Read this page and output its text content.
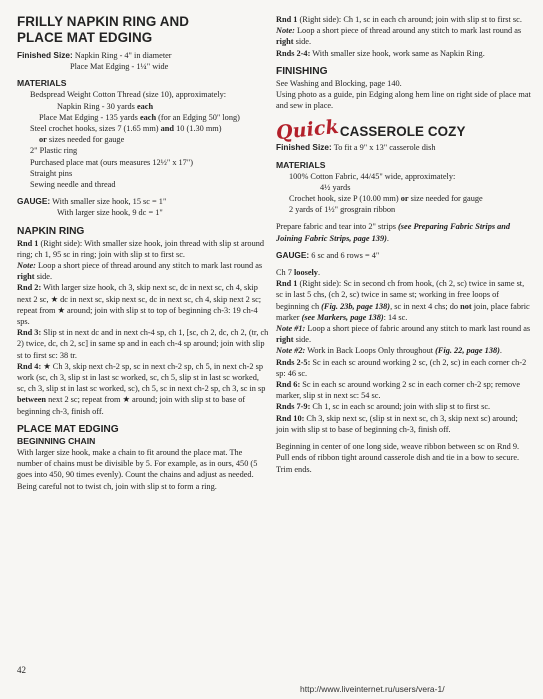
FRILLY NAPKIN RING AND

PLACE MAT EDGING

Finished Size: Napkin Ring - 4" in diameter

Place Mat Edging - 1¼" wide

MATERIALS

Bedspread Weight Cotton Thread (size 10), approximately:

Napkin Ring - 30 yards each

Place Mat Edging - 135 yards each (for an Edging 50" long)

Steel crochet hooks, sizes 7 (1.65 mm) and 10 (1.30 mm)

or sizes needed for gauge

2" Plastic ring

Purchased place mat (ours measures 12½" x 17")

Straight pins

Sewing needle and thread

GAUGE: With smaller size hook, 15 sc = 1"

With larger size hook, 9 dc = 1"

NAPKIN RING

Rnd 1 (Right side): With smaller size hook, join thread with slip st around ring; ch 1, 95 sc in ring; join with slip st to first sc.

Note: Loop a short piece of thread around any stitch to mark last round as right side.

Rnd 2: With larger size hook, ch 3, skip next sc, dc in next sc, ch 4, skip next 2 sc, ★ dc in next sc, skip next sc, dc in next sc, ch 4, skip next 2 sc; repeat from ★ around; join with slip st to top of beginning ch-3: 19 ch-4 sps.

Rnd 3: Slip st in next dc and in next ch-4 sp, ch 1, [sc, ch 2, dc, ch 2, (tr, ch 2) twice, dc, ch 2, sc] in same sp and in each ch-4 sp around; join with slip st to first sc: 38 tr.

Rnd 4: ★ Ch 3, skip next ch-2 sp, sc in next ch-2 sp, ch 5, in next ch-2 sp work (sc, ch 3, slip st in last sc worked, sc, ch 5, slip st in last sc worked, sc, ch 3, slip st in last sc worked, sc), ch 5, sc in next ch-2 sp, ch 3, sc in sp between next 2 sc; repeat from ★ around; join with slip st to base of beginning ch-3, finish off.

PLACE MAT EDGING

BEGINNING CHAIN

With larger size hook, make a chain to fit around the place mat. The number of chains must be divisible by 5. For example, as in ours, 450 (5 goes into 450, 90 times evenly). Count the chains and adjust as needed. Being careful not to twist ch, join with slip st to form a ring.

Rnd 1 (Right side): Ch 1, sc in each ch around; join with slip st to first sc.

Note: Loop a short piece of thread around any stitch to mark last round as right side.

Rnds 2-4: With smaller size hook, work same as Napkin Ring.

FINISHING

See Washing and Blocking, page 140.

Using photo as a guide, pin Edging along hem line on right side of place mat and sew in place.

QuickCASSEROLE COZY

Finished Size: To fit a 9" x 13" casserole dish

MATERIALS

100% Cotton Fabric, 44/45" wide, approximately:

4½ yards

Crochet hook, size P (10.00 mm) or size needed for gauge

2 yards of 1½" grosgrain ribbon

Prepare fabric and tear into 2" strips (see Preparing Fabric Strips and Joining Fabric Strips, page 139).

GAUGE: 6 sc and 6 rows = 4"

Ch 7 loosely.

Rnd 1 (Right side): Sc in second ch from hook, (ch 2, sc) twice in same st, sc in last 5 chs, (ch 2, sc) twice in same st; working in free loops of beginning ch (Fig. 23b, page 138), sc in next 4 chs; do not join, place fabric marker (see Markers, page 138): 14 sc.

Note #1: Loop a short piece of fabric around any stitch to mark last round as right side.

Note #2: Work in Back Loops Only throughout (Fig. 22, page 138).

Rnds 2-5: Sc in each sc around working 2 sc, (ch 2, sc) in each corner ch-2 sp: 46 sc.

Rnd 6: Sc in each sc around working 2 sc in each corner ch-2 sp; remove marker, slip st in next sc: 54 sc.

Rnds 7-9: Ch 1, sc in each sc around; join with slip st to first sc.

Rnd 10: Ch 3, skip next sc, (slip st in next sc, ch 3, skip next sc) around; join with slip st to base of beginning ch-3, finish off.

Beginning in center of one long side, weave ribbon between sc on Rnd 9. Pull ends of ribbon tight around casserole dish and tie in a bow to secure. Trim ends.

42
http://www.liveinternet.ru/users/vera-1/
